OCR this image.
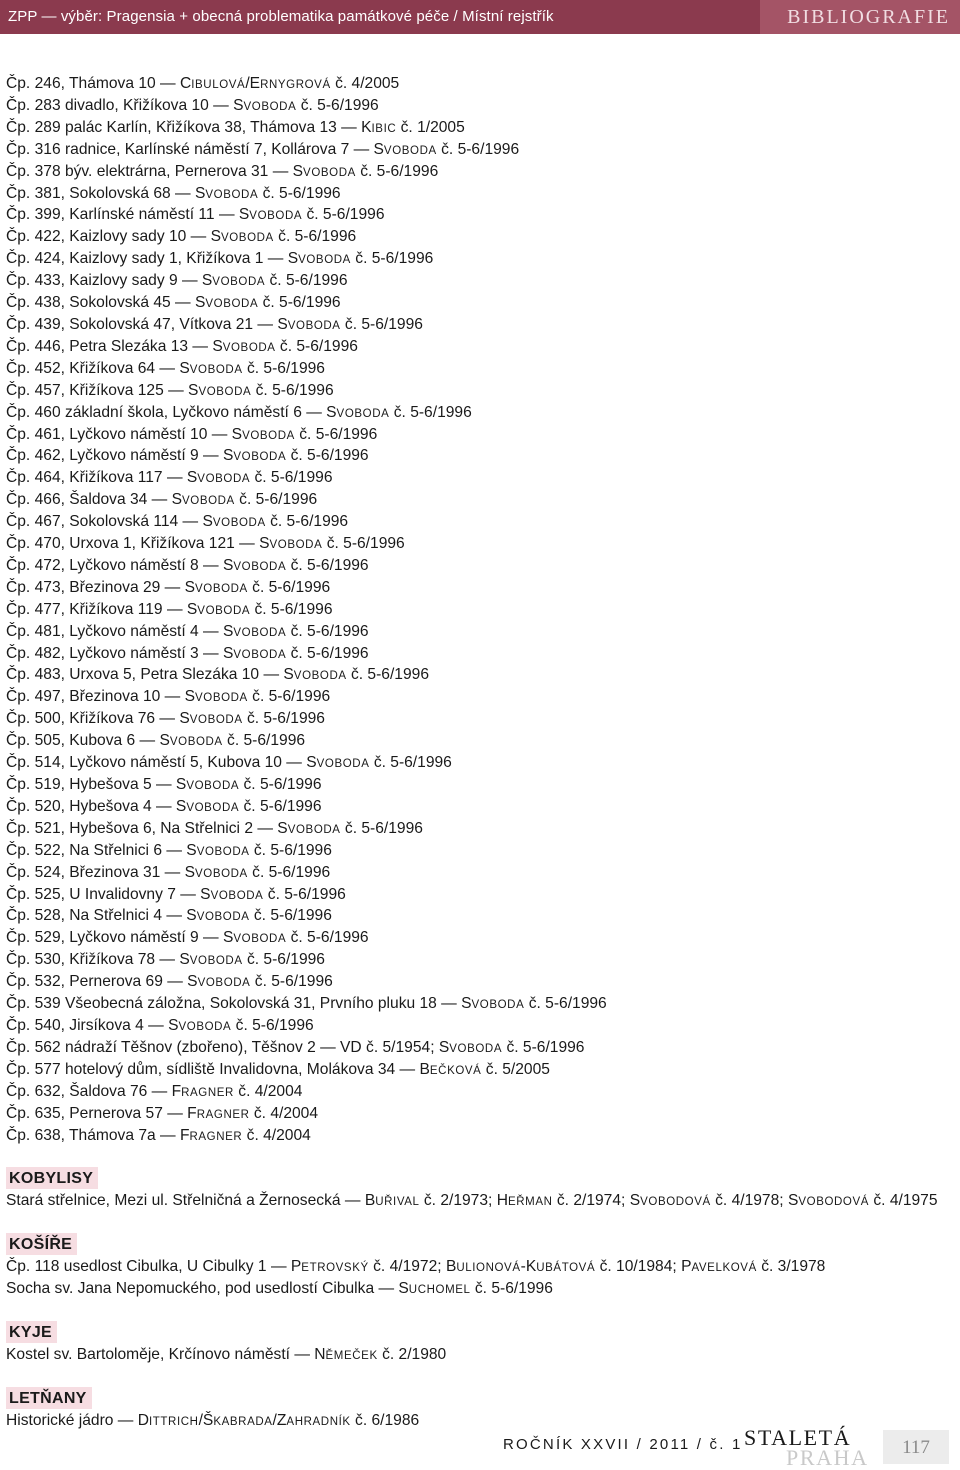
ZPP — výběr: Pragensia + obecná problematika památkové péče / Místní rejstřík	BIBLIOGRAFIE
Čp. 246, Thámova 10 — CIBULOVÁ/ERNYGROVÁ č. 4/2005
Čp. 283 divadlo, Křižíkova 10 — SVOBODA č. 5-6/1996
Čp. 289 palác Karlín, Křižíkova 38, Thámova 13 — KIBIC č. 1/2005
Čp. 316 radnice, Karlínské náměstí 7, Kollárova 7 — SVOBODA č. 5-6/1996
Čp. 378 býv. elektrárna, Pernerova 31 — SVOBODA č. 5-6/1996
Čp. 381, Sokolovská 68 — SVOBODA č. 5-6/1996
Čp. 399, Karlínské náměstí 11 — SVOBODA č. 5-6/1996
Čp. 422, Kaizlovy sady 10 — SVOBODA č. 5-6/1996
Čp. 424, Kaizlovy sady 1, Křižíkova 1 — SVOBODA č. 5-6/1996
Čp. 433, Kaizlovy sady 9 — SVOBODA č. 5-6/1996
Čp. 438, Sokolovská 45 — SVOBODA č. 5-6/1996
Čp. 439, Sokolovská 47, Vítkova 21 — SVOBODA č. 5-6/1996
Čp. 446, Petra Slezáka 13 — SVOBODA č. 5-6/1996
Čp. 452, Křižíkova 64 — SVOBODA č. 5-6/1996
Čp. 457, Křižíkova 125 — SVOBODA č. 5-6/1996
Čp. 460 základní škola, Lyčkovo náměstí 6 — SVOBODA č. 5-6/1996
Čp. 461, Lyčkovo náměstí 10 — SVOBODA č. 5-6/1996
Čp. 462, Lyčkovo náměstí 9 — SVOBODA č. 5-6/1996
Čp. 464, Křižíkova 117 — SVOBODA č. 5-6/1996
Čp. 466, Šaldova 34 — SVOBODA č. 5-6/1996
Čp. 467, Sokolovská 114 — SVOBODA č. 5-6/1996
Čp. 470, Urxova 1, Křižíkova 121 — SVOBODA č. 5-6/1996
Čp. 472, Lyčkovo náměstí 8 — SVOBODA č. 5-6/1996
Čp. 473, Březinova 29 — SVOBODA č. 5-6/1996
Čp. 477, Křižíkova 119 — SVOBODA č. 5-6/1996
Čp. 481, Lyčkovo náměstí 4 — SVOBODA č. 5-6/1996
Čp. 482, Lyčkovo náměstí 3 — SVOBODA č. 5-6/1996
Čp. 483, Urxova 5, Petra Slezáka 10 — SVOBODA č. 5-6/1996
Čp. 497, Březinova 10 — SVOBODA č. 5-6/1996
Čp. 500, Křižíkova 76 — SVOBODA č. 5-6/1996
Čp. 505, Kubova 6 — SVOBODA č. 5-6/1996
Čp. 514, Lyčkovo náměstí 5, Kubova 10 — SVOBODA č. 5-6/1996
Čp. 519, Hybešova 5 — SVOBODA č. 5-6/1996
Čp. 520, Hybešova 4 — SVOBODA č. 5-6/1996
Čp. 521, Hybešova 6, Na Střelnici 2 — SVOBODA č. 5-6/1996
Čp. 522, Na Střelnici 6 — SVOBODA č. 5-6/1996
Čp. 524, Březinova 31 — SVOBODA č. 5-6/1996
Čp. 525, U Invalidovny 7 — SVOBODA č. 5-6/1996
Čp. 528, Na Střelnici 4 — SVOBODA č. 5-6/1996
Čp. 529, Lyčkovo náměstí 9 — SVOBODA č. 5-6/1996
Čp. 530, Křižíkova 78 — SVOBODA č. 5-6/1996
Čp. 532, Pernerova 69 — SVOBODA č. 5-6/1996
Čp. 539 Všeobecná záložna, Sokolovská 31, Prvního pluku 18 — SVOBODA č. 5-6/1996
Čp. 540, Jirsíkova 4 — SVOBODA č. 5-6/1996
Čp. 562 nádraží Těšnov (zbořeno), Těšnov 2 — VD č. 5/1954; SVOBODA č. 5-6/1996
Čp. 577 hotelový dům, sídliště Invalidovna, Molákova 34 — BEČKOVÁ č. 5/2005
Čp. 632, Šaldova 76 — FRAGNER č. 4/2004
Čp. 635, Pernerova 57 — FRAGNER č. 4/2004
Čp. 638, Thámova 7a — FRAGNER č. 4/2004
KOBYLISY
Stará střelnice, Mezi ul. Střelničná a Žernosecká — BUŘIVAL č. 2/1973; HEŘMAN č. 2/1974; SVOBODOVÁ č. 4/1978; SVOBODOVÁ č. 4/1975
KOŠÍŘE
Čp. 118 usedlost Cibulka, U Cibulky 1 — PETROVSKÝ č. 4/1972; BULIONOVÁ-KUBÁTOVÁ č. 10/1984; PAVELKOVÁ č. 3/1978
Socha sv. Jana Nepomuckého, pod usedlostí Cibulka — SUCHOMEL č. 5-6/1996
KYJE
Kostel sv. Bartoloměje, Krčínovo náměstí — NĚMEČEK č. 2/1980
LETŇANY
Historické jádro — DITTRICH/ŠKABRADA/ZAHRADNÍK č. 6/1986
ROČNÍK XXVII / 2011 / č. 1 STALETÁ
PRAHA	117
